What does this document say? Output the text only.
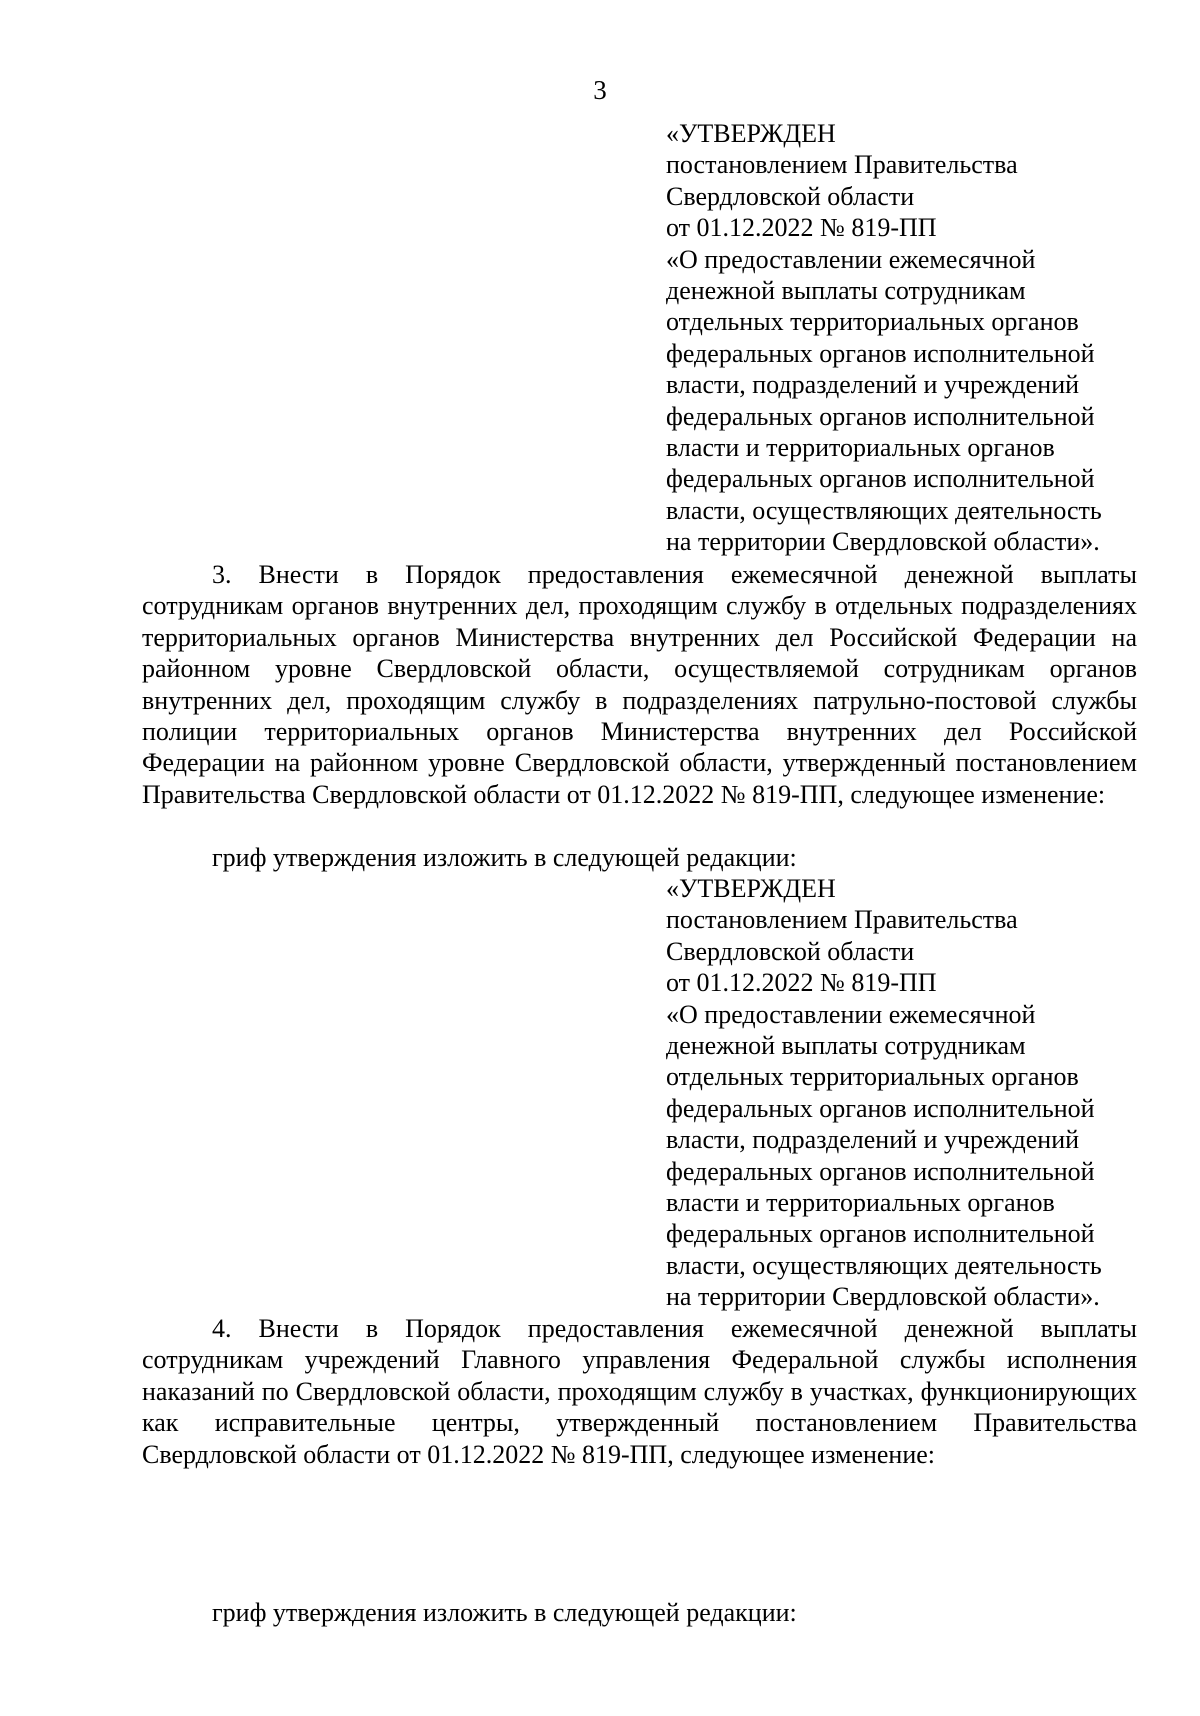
3
«УТВЕРЖДЕН
постановлением Правительства
Свердловской области
от 01.12.2022 № 819-ПП
«О предоставлении ежемесячной
денежной выплаты сотрудникам
отдельных территориальных органов
федеральных органов исполнительной
власти, подразделений и учреждений
федеральных органов исполнительной
власти и территориальных органов
федеральных органов исполнительной
власти, осуществляющих деятельность
на территории Свердловской области».

3. Внести в Порядок предоставления ежемесячной денежной выплаты сотрудникам органов внутренних дел, проходящим службу в отдельных подразделениях территориальных органов Министерства внутренних дел Российской Федерации на районном уровне Свердловской области, осуществляемой сотрудникам органов внутренних дел, проходящим службу в подразделениях патрульно-постовой службы полиции территориальных органов Министерства внутренних дел Российской Федерации на районном уровне Свердловской области, утвержденный постановлением Правительства Свердловской области от 01.12.2022 № 819-ПП, следующее изменение:

гриф утверждения изложить в следующей редакции:

«УТВЕРЖДЕН
постановлением Правительства
Свердловской области
от 01.12.2022 № 819-ПП
«О предоставлении ежемесячной
денежной выплаты сотрудникам
отдельных территориальных органов
федеральных органов исполнительной
власти, подразделений и учреждений
федеральных органов исполнительной
власти и территориальных органов
федеральных органов исполнительной
власти, осуществляющих деятельность
на территории Свердловской области».

4. Внести в Порядок предоставления ежемесячной денежной выплаты сотрудникам учреждений Главного управления Федеральной службы исполнения наказаний по Свердловской области, проходящим службу в участках, функционирующих как исправительные центры, утвержденный постановлением Правительства Свердловской области от 01.12.2022 № 819-ПП, следующее изменение:

гриф утверждения изложить в следующей редакции:
